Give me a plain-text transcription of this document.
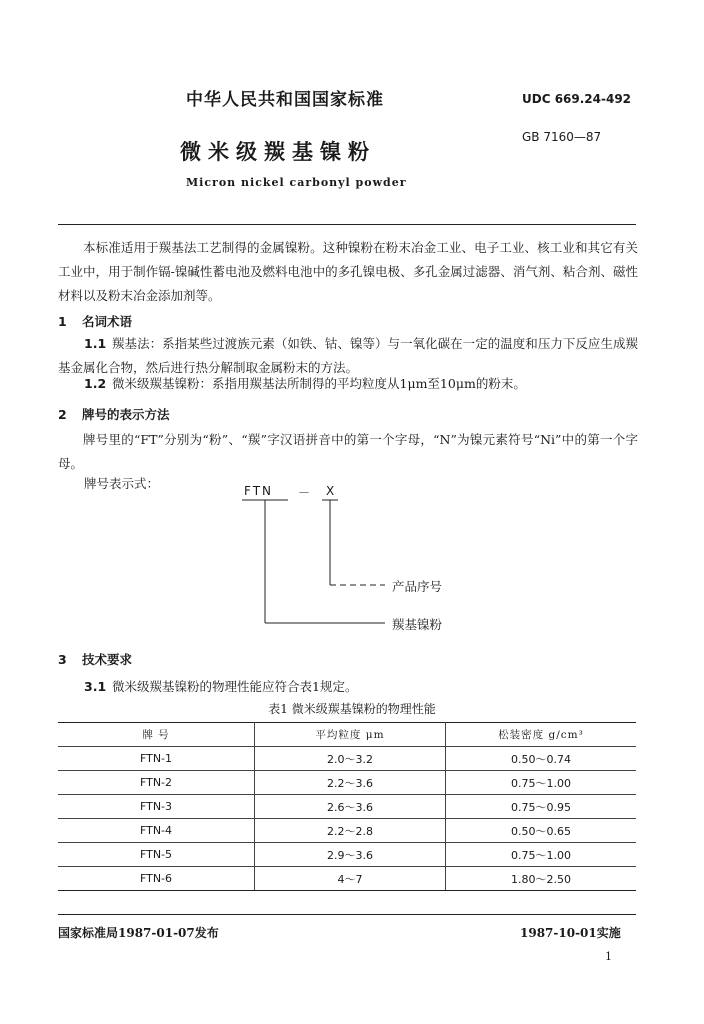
中华人民共和国国家标准	UDC 669.24-492
GB 7160—87
微米级羰基镍粉
Micron nickel carbonyl powder
本标准适用于羰基法工艺制得的金属镍粉。这种镍粉在粉末冶金工业、电子工业、核工业和其它有关工业中，用于制作镉-镍碱性蓄电池及燃料电池中的多孔镍电极、多孔金属过滤器、消气剂、粘合剂、磁性材料以及粉末冶金添加剂等。
1 名词术语
1.1 羰基法：系指某些过渡族元素（如铁、钴、镍等）与一氧化碳在一定的温度和压力下反应生成羰基金属化合物，然后进行热分解制取金属粉末的方法。
1.2 微米级羰基镍粉：系指用羰基法所制得的平均粒度从1μm至10μm的粉末。
2 牌号的表示方法
牌号里的“FT”分别为“粉”、“羰”字汉语拼音中的第一个字母，“N”为镍元素符号“Ni”中的第一个字母。
牌号表示式：	FTN － X
产品序号
羰基镍粉
3 技术要求
3.1 微米级羰基镍粉的物理性能应符合表1规定。
表1 微米级羰基镍粉的物理性能
牌 号	平均粒度 μm	松装密度 g/cm³
FTN-1	2.0～3.2	0.50～0.74
FTN-2	2.2～3.6	0.75～1.00
FTN-3	2.6～3.6	0.75～0.95
FTN-4	2.2～2.8	0.50～0.65
FTN-5	2.9～3.6	0.75～1.00
FTN-6	4～7	1.80～2.50
国家标准局1987-01-07发布	1987-10-01实施
1
